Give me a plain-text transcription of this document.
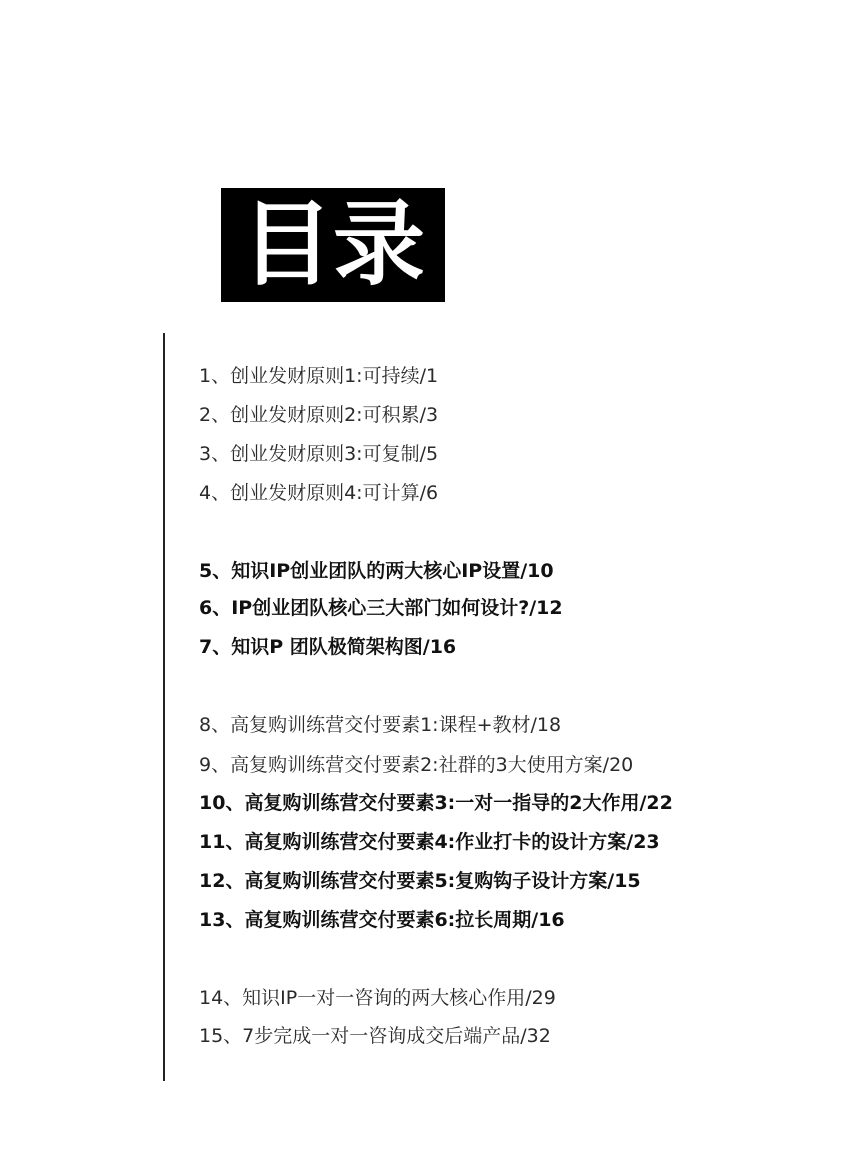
目录
1、创业发财原则1:可持续/1
2、创业发财原则2:可积累/3
3、创业发财原则3:可复制/5
4、创业发财原则4:可计算/6
5、知识IP创业团队的两大核心IP设置/10
6、IP创业团队核心三大部门如何设计?/12
7、知识P 团队极简架构图/16
8、高复购训练营交付要素1:课程+教材/18
9、高复购训练营交付要素2:社群的3大使用方案/20
10、高复购训练营交付要素3:一对一指导的2大作用/22
11、高复购训练营交付要素4:作业打卡的设计方案/23
12、高复购训练营交付要素5:复购钩子设计方案/15
13、高复购训练营交付要素6:拉长周期/16
14、知识IP一对一咨询的两大核心作用/29
15、7步完成一对一咨询成交后端产品/32
